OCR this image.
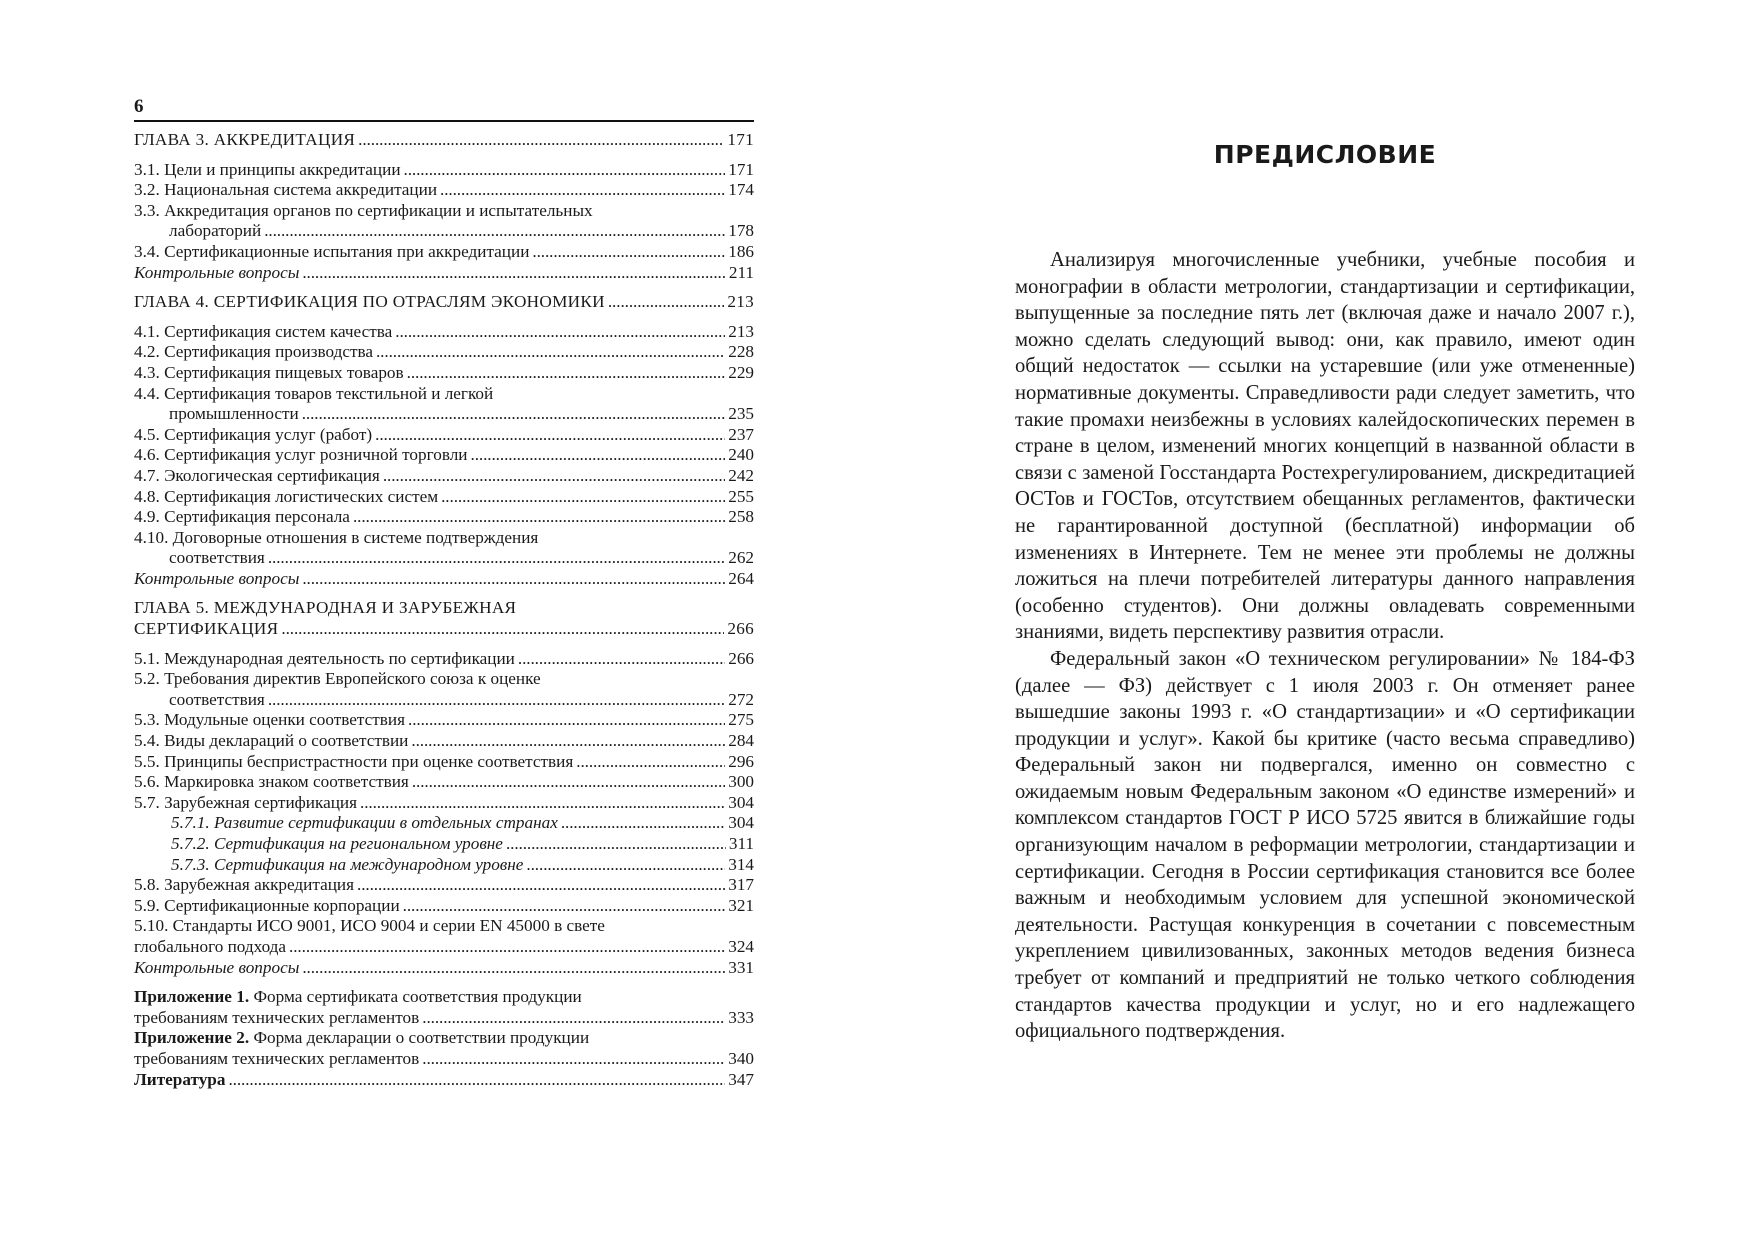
6
ГЛАВА 3. АККРЕДИТАЦИЯ . . .	171
3.1. Цели и принципы аккредитации . . .	171
3.2. Национальная система аккредитации . . .	174
3.3. Аккредитация органов по сертификации и испытательных
лабораторий . . .	178
3.4. Сертификационные испытания при аккредитации . . .	186
Контрольные вопросы . . .	211
ГЛАВА 4. СЕРТИФИКАЦИЯ ПО ОТРАСЛЯМ ЭКОНОМИКИ . . .	213
4.1. Сертификация систем качества . . .	213
4.2. Сертификация производства . . .	228
4.3. Сертификация пищевых товаров . . .	229
4.4. Сертификация товаров текстильной и легкой
промышленности . . .	235
4.5. Сертификация услуг (работ) . . .	237
4.6. Сертификация услуг розничной торговли . . .	240
4.7. Экологическая сертификация . . .	242
4.8. Сертификация логистических систем . . .	255
4.9. Сертификация персонала . . .	258
4.10. Договорные отношения в системе подтверждения
соответствия . . .	262
Контрольные вопросы . . .	264
ГЛАВА 5. МЕЖДУНАРОДНАЯ И ЗАРУБЕЖНАЯ
СЕРТИФИКАЦИЯ . . .	266
5.1. Международная деятельность по сертификации . . .	266
5.2. Требования директив Европейского союза к оценке
соответствия . . .	272
5.3. Модульные оценки соответствия . . .	275
5.4. Виды деклараций о соответствии . . .	284
5.5. Принципы беспристрастности при оценке соответствия . . .	296
5.6. Маркировка знаком соответствия . . .	300
5.7. Зарубежная сертификация . . .	304
5.7.1. Развитие сертификации в отдельных странах . . .	304
5.7.2. Сертификация на региональном уровне . . .	311
5.7.3. Сертификация на международном уровне . . .	314
5.8. Зарубежная аккредитация . . .	317
5.9. Сертификационные корпорации . . .	321
5.10. Стандарты ИСО 9001, ИСО 9004 и серии EN 45000 в свете
глобального подхода . . .	324
Контрольные вопросы . . .	331
Приложение 1. Форма сертификата соответствия продукции
требованиям технических регламентов . . .	333
Приложение 2. Форма декларации о соответствии продукции
требованиям технических регламентов . . .	340
Литература . . .	347
ПРЕДИСЛОВИЕ

Анализируя многочисленные учебники, учебные пособия и монографии в области метрологии, стандартизации и сертификации, выпущенные за последние пять лет (включая даже и начало 2007 г.), можно сделать следующий вывод: они, как правило, имеют один общий недостаток — ссылки на устаревшие (или уже отмененные) нормативные документы. Справедливости ради следует заметить, что такие промахи неизбежны в условиях калейдоскопических перемен в стране в целом, изменений многих концепций в названной области в связи с заменой Госстандарта Ростехрегулированием, дискредитацией ОСТов и ГОСТов, отсутствием обещанных регламентов, фактически не гарантированной доступной (бесплатной) информации об изменениях в Интернете. Тем не менее эти проблемы не должны ложиться на плечи потребителей литературы данного направления (особенно студентов). Они должны овладевать современными знаниями, видеть перспективу развития отрасли.

Федеральный закон «О техническом регулировании» № 184-ФЗ (далее — ФЗ) действует с 1 июля 2003 г. Он отменяет ранее вышедшие законы 1993 г. «О стандартизации» и «О сертификации продукции и услуг». Какой бы критике (часто весьма справедливо) Федеральный закон ни подвергался, именно он совместно с ожидаемым новым Федеральным законом «О единстве измерений» и комплексом стандартов ГОСТ Р ИСО 5725 явится в ближайшие годы организующим началом в реформации метрологии, стандартизации и сертификации. Сегодня в России сертификация становится все более важным и необходимым условием для успешной экономической деятельности. Растущая конкуренция в сочетании с повсеместным укреплением цивилизованных, законных методов ведения бизнеса требует от компаний и предприятий не только четкого соблюдения стандартов качества продукции и услуг, но и его надлежащего официального подтверждения.
